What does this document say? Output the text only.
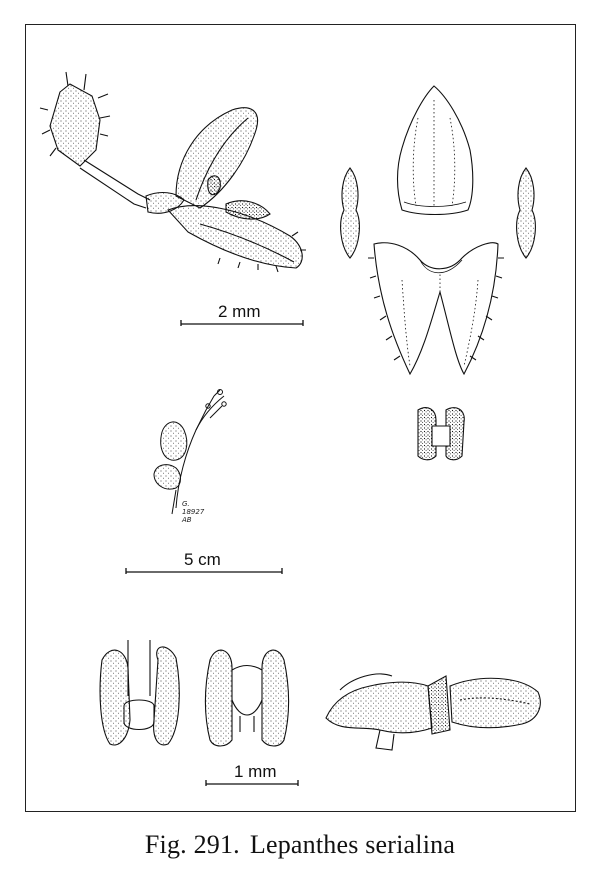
2 mm
5 cm
1 mm
G.
18927
AB
Fig. 291. Lepanthes serialina
